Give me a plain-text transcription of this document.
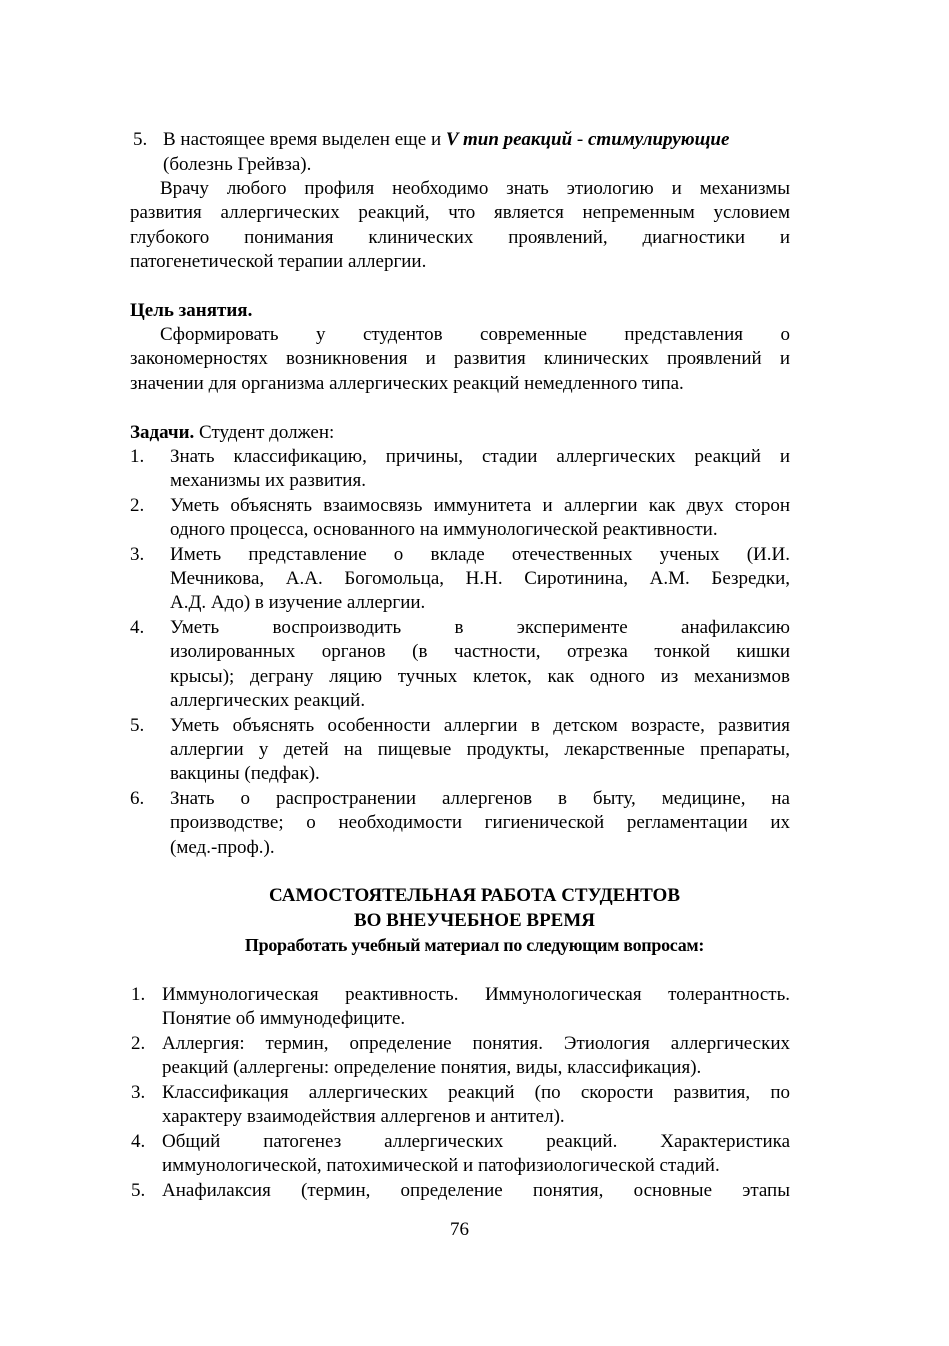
5. В настоящее время выделен еще и V тип реакций - стимулирующие
(болезнь Грейвза).
Врачу любого профиля необходимо знать этиологию и механизмы
развития аллергических реакций, что является непременным условием
глубокого понимания клинических проявлений, диагностики и
патогенетической терапии аллергии.
Цель занятия.
Сформировать у студентов современные представления о
закономерностях возникновения и развития клинических проявлений и
значении для организма аллергических реакций немедленного типа.
Задачи. Студент должен:
1. Знать классификацию, причины, стадии аллергических реакций и
механизмы их развития.
2. Уметь объяснять взаимосвязь иммунитета и аллергии как двух сторон
одного процесса, основанного на иммунологической реактивности.
3. Иметь представление о вкладе отечественных ученых (И.И.
Мечникова, А.А. Богомольца, Н.Н. Сиротинина, А.М. Безредки,
А.Д. Адо) в изучение аллергии.
4. Уметь воспроизводить в эксперименте анафилаксию
изолированных органов (в частности, отрезка тонкой кишки
крысы); деграну ляцию тучных клеток, как одного из механизмов
аллергических реакций.
5. Уметь объяснять особенности аллергии в детском возрасте, развития
аллергии у детей на пищевые продукты, лекарственные препараты,
вакцины (педфак).
6. Знать о распространении аллергенов в быту, медицине, на
производстве; о необходимости гигиенической регламентации их
(мед.-проф.).
САМОСТОЯТЕЛЬНАЯ РАБОТА СТУДЕНТОВ
ВО ВНЕУЧЕБНОЕ ВРЕМЯ
Проработать учебный материал по следующим вопросам:
1. Иммунологическая реактивность. Иммунологическая толерантность.
Понятие об иммунодефиците.
2. Аллергия: термин, определение понятия. Этиология аллергических
реакций (аллергены: определение понятия, виды, классификация).
3. Классификация аллергических реакций (по скорости развития, по
характеру взаимодействия аллергенов и антител).
4. Общий патогенез аллергических реакций. Характеристика
иммунологической, патохимической и патофизиологической стадий.
5. Анафилаксия (термин, определение понятия, основные этапы
76
